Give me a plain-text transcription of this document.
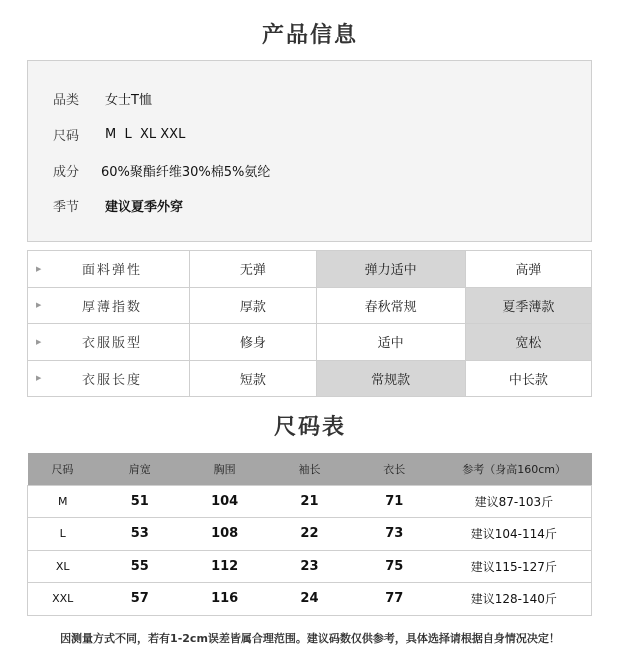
产品信息
品类	女士T恤
尺码	M  L  XL XXL
成分	60%聚酯纤维30%棉5%氨纶
季节	建议夏季外穿
▶ 面料弹性	无弹	弹力适中	高弹

▶ 厚薄指数	厚款	春秋常规	夏季薄款

▶ 衣服版型	修身	适中	宽松

▶ 衣服长度	短款	常规款	中长款
尺码表
尺码	肩宽	胸围	袖长	衣长	参考（身高160cm）
M	51	104	21	71	建议87-103斤
L	53	108	22	73	建议104-114斤
XL	55	112	23	75	建议115-127斤
XXL	57	116	24	77	建议128-140斤
因测量方式不同，若有1-2cm误差皆属合理范围。建议码数仅供参考，具体选择请根据自身情况决定！
